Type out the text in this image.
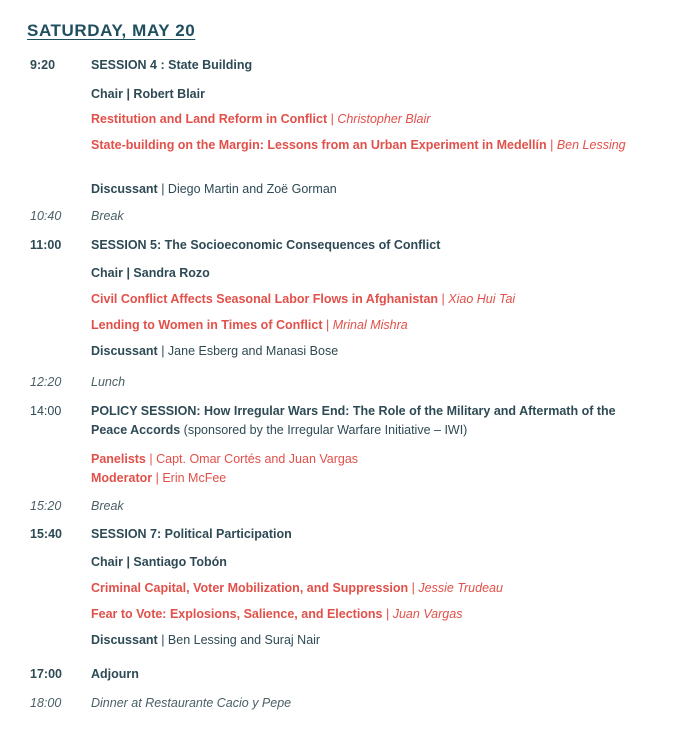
SATURDAY, MAY 20
9:20	SESSION 4 : State Building
Chair | Robert Blair
Restitution and Land Reform in Conflict | Christopher Blair
State-building on the Margin: Lessons from an Urban Experiment in Medellín | Ben Lessing
Discussant | Diego Martin and Zoë Gorman
10:40 Break
11:00 SESSION 5: The Socioeconomic Consequences of Conflict
Chair | Sandra Rozo
Civil Conflict Affects Seasonal Labor Flows in Afghanistan | Xiao Hui Tai
Lending to Women in Times of Conflict | Mrinal Mishra
Discussant | Jane Esberg and Manasi Bose
12:20 Lunch
14:00 POLICY SESSION: How Irregular Wars End: The Role of the Military and Aftermath of the Peace Accords (sponsored by the Irregular Warfare Initiative – IWI)
Panelists | Capt. Omar Cortés and Juan Vargas
Moderator | Erin McFee
15:20 Break
15:40 SESSION 7: Political Participation
Chair | Santiago Tobón
Criminal Capital, Voter Mobilization, and Suppression | Jessie Trudeau
Fear to Vote: Explosions, Salience, and Elections | Juan Vargas
Discussant | Ben Lessing and Suraj Nair
17:00 Adjourn
18:00 Dinner at Restaurante Cacio y Pepe
